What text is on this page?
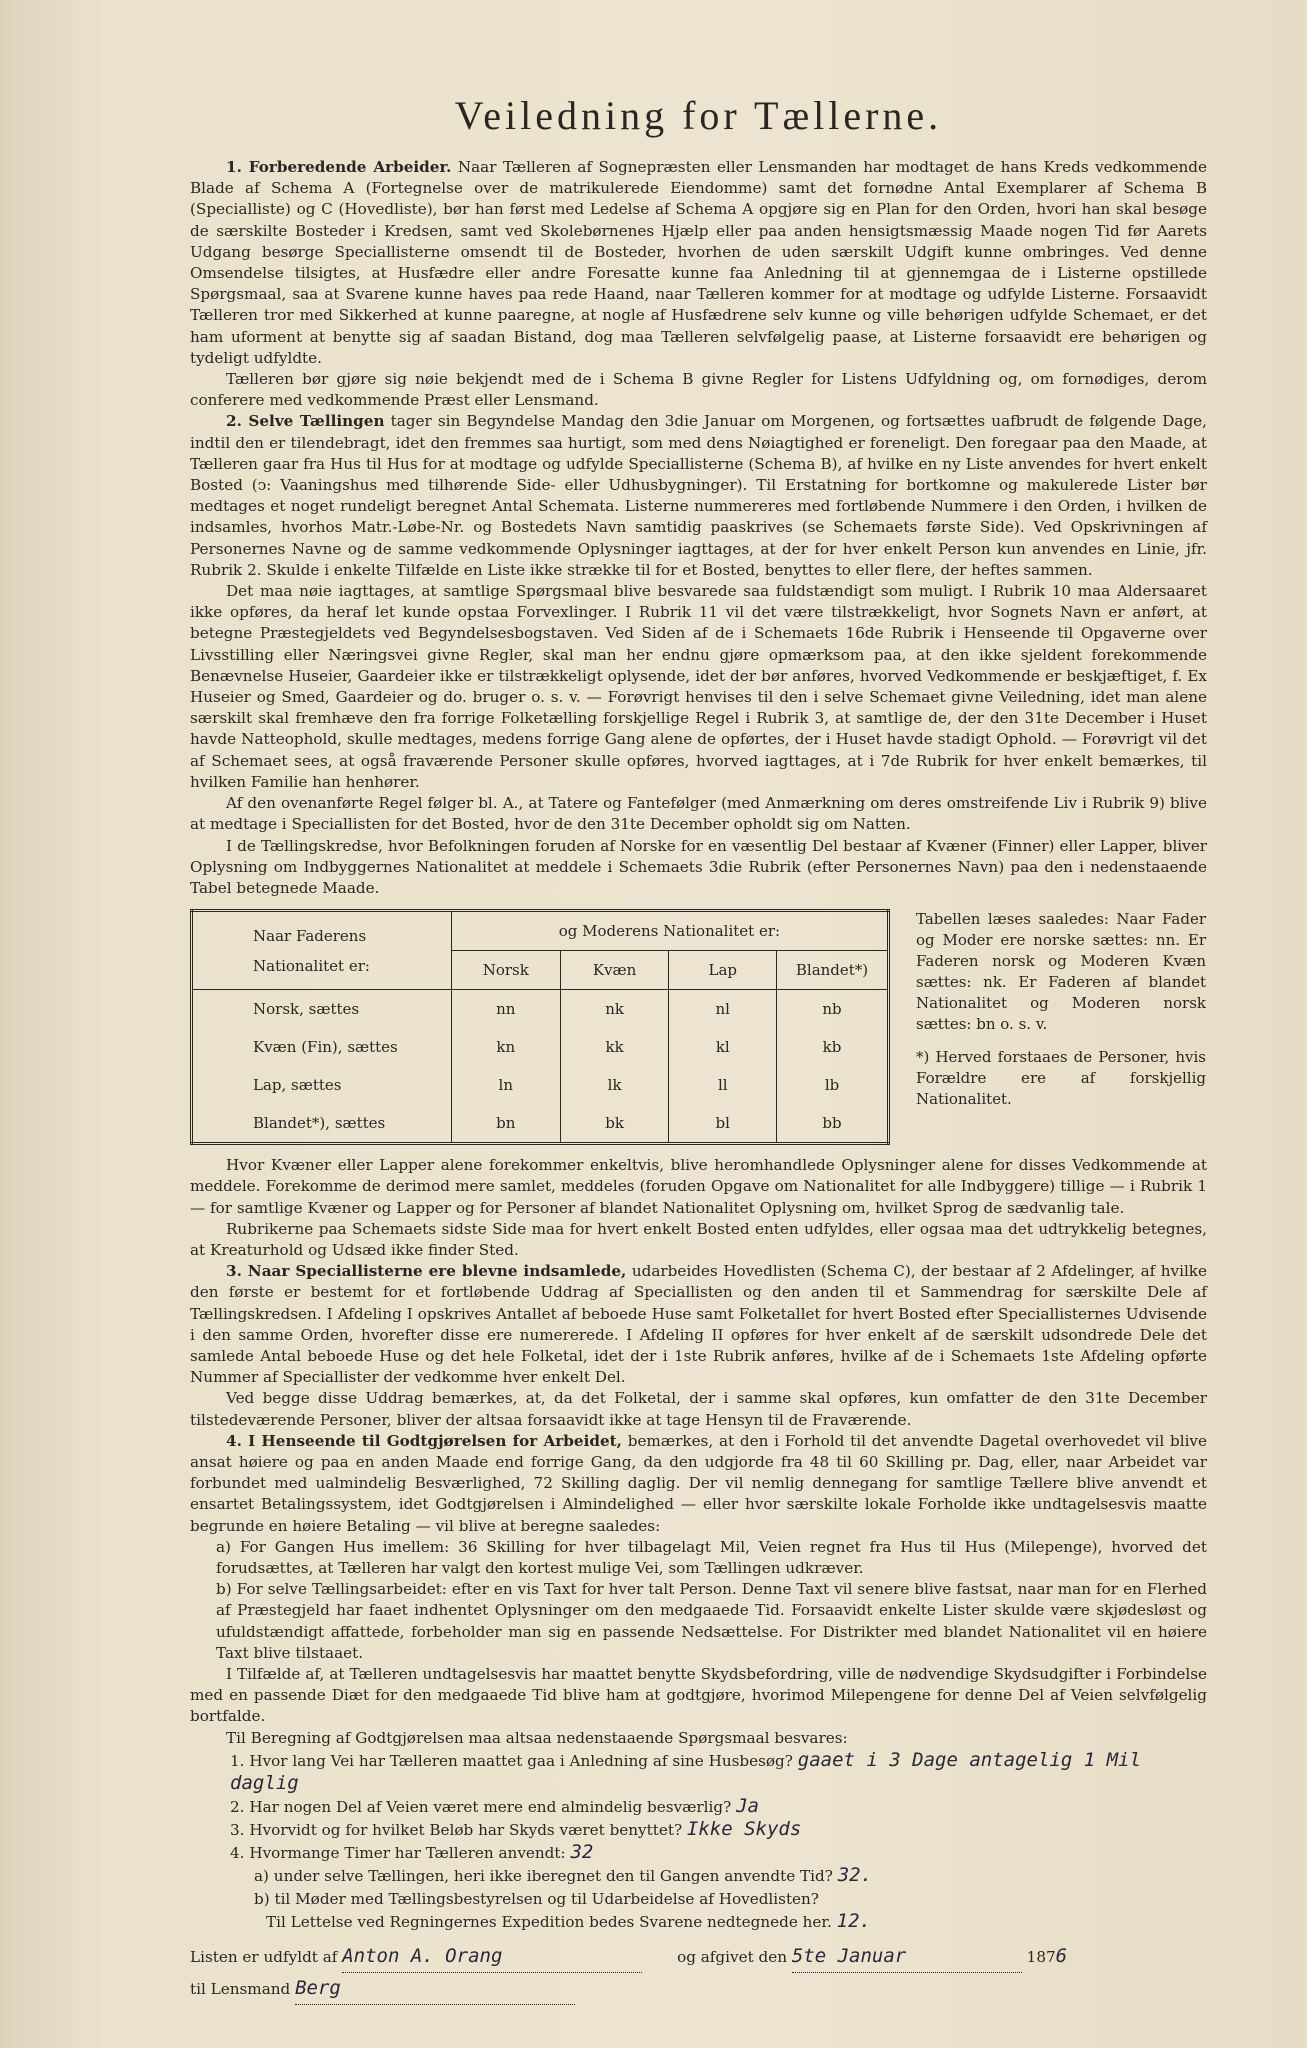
Veiledning for Tællerne.

1. Forberedende Arbeider. Naar Tælleren af Sognepræsten eller Lensmanden har modtaget de hans Kreds vedkommende Blade af Schema A (Fortegnelse over de matrikulerede Eiendomme) samt det fornødne Antal Exemplarer af Schema B (Specialliste) og C (Hovedliste), bør han først med Ledelse af Schema A opgjøre sig en Plan for den Orden, hvori han skal besøge de særskilte Bosteder i Kredsen, samt ved Skolebørnenes Hjælp eller paa anden hensigtsmæssig Maade nogen Tid før Aarets Udgang besørge Speciallisterne omsendt til de Bosteder, hvorhen de uden særskilt Udgift kunne ombringes. Ved denne Omsendelse tilsigtes, at Husfædre eller andre Foresatte kunne faa Anledning til at gjennemgaa de i Listerne opstillede Spørgsmaal, saa at Svarene kunne haves paa rede Haand, naar Tælleren kommer for at modtage og udfylde Listerne. Forsaavidt Tælleren tror med Sikkerhed at kunne paaregne, at nogle af Husfædrene selv kunne og ville behørigen udfylde Schemaet, er det ham uforment at benytte sig af saadan Bistand, dog maa Tælleren selvfølgelig paase, at Listerne forsaavidt ere behørigen og tydeligt udfyldte.

Tælleren bør gjøre sig nøie bekjendt med de i Schema B givne Regler for Listens Udfyldning og, om fornødiges, derom conferere med vedkommende Præst eller Lensmand.

2. Selve Tællingen tager sin Begyndelse Mandag den 3die Januar om Morgenen, og fortsættes uafbrudt de følgende Dage, indtil den er tilendebragt, idet den fremmes saa hurtigt, som med dens Nøiagtighed er foreneligt. Den foregaar paa den Maade, at Tælleren gaar fra Hus til Hus for at modtage og udfylde Speciallisterne (Schema B), af hvilke en ny Liste anvendes for hvert enkelt Bosted (ↄ: Vaaningshus med tilhørende Side- eller Udhusbygninger). Til Erstatning for bortkomne og makulerede Lister bør medtages et noget rundeligt beregnet Antal Schemata. Listerne nummereres med fortløbende Nummere i den Orden, i hvilken de indsamles, hvorhos Matr.-Løbe-Nr. og Bostedets Navn samtidig paaskrives (se Schemaets første Side). Ved Opskrivningen af Personernes Navne og de samme vedkommende Oplysninger iagttages, at der for hver enkelt Person kun anvendes en Linie, jfr. Rubrik 2. Skulde i enkelte Tilfælde en Liste ikke strække til for et Bosted, benyttes to eller flere, der heftes sammen.

Det maa nøie iagttages, at samtlige Spørgsmaal blive besvarede saa fuldstændigt som muligt. I Rubrik 10 maa Aldersaaret ikke opføres, da heraf let kunde opstaa Forvexlinger. I Rubrik 11 vil det være tilstrækkeligt, hvor Sognets Navn er anført, at betegne Præstegjeldets ved Begyndelsesbogstaven. Ved Siden af de i Schemaets 16de Rubrik i Henseende til Opgaverne over Livsstilling eller Næringsvei givne Regler, skal man her endnu gjøre opmærksom paa, at den ikke sjeldent forekommende Benævnelse Huseier, Gaardeier ikke er tilstrækkeligt oplysende, idet der bør anføres, hvorved Vedkommende er beskjæftiget, f. Ex Huseier og Smed, Gaardeier og do. bruger o. s. v. — Forøvrigt henvises til den i selve Schemaet givne Veiledning, idet man alene særskilt skal fremhæve den fra forrige Folketælling forskjellige Regel i Rubrik 3, at samtlige de, der den 31te December i Huset havde Natteophold, skulle medtages, medens forrige Gang alene de opførtes, der i Huset havde stadigt Ophold. — Forøvrigt vil det af Schemaet sees, at også fraværende Personer skulle opføres, hvorved iagttages, at i 7de Rubrik for hver enkelt bemærkes, til hvilken Familie han henhører.

Af den ovenanførte Regel følger bl. A., at Tatere og Fantefølger (med Anmærkning om deres omstreifende Liv i Rubrik 9) blive at medtage i Speciallisten for det Bosted, hvor de den 31te December opholdt sig om Natten.

I de Tællingskredse, hvor Befolkningen foruden af Norske for en væsentlig Del bestaar af Kvæner (Finner) eller Lapper, bliver Oplysning om Indbyggernes Nationalitet at meddele i Schemaets 3die Rubrik (efter Personernes Navn) paa den i nedenstaaende Tabel betegnede Maade.

Naar Faderens
Nationalitet er:	og Moderens Nationalitet er:			
	Norsk	Kvæn	Lap	Blandet*)
Norsk, sættes	nn	nk	nl	nb
Kvæn (Fin), sættes	kn	kk	kl	kb
Lap, sættes	ln	lk	ll	lb
Blandet*), sættes	bn	bk	bl	bb

Tabellen læses saaledes: Naar Fader og Moder ere norske sættes: nn. Er Faderen norsk og Moderen Kvæn sættes: nk. Er Faderen af blandet Nationalitet og Moderen norsk sættes: bn o. s. v.

*) Herved forstaaes de Personer, hvis Forældre ere af forskjellig Nationalitet.

Hvor Kvæner eller Lapper alene forekommer enkeltvis, blive heromhandlede Oplysninger alene for disses Vedkommende at meddele. Forekomme de derimod mere samlet, meddeles (foruden Opgave om Nationalitet for alle Indbyggere) tillige — i Rubrik 1 — for samtlige Kvæner og Lapper og for Personer af blandet Nationalitet Oplysning om, hvilket Sprog de sædvanlig tale.

Rubrikerne paa Schemaets sidste Side maa for hvert enkelt Bosted enten udfyldes, eller ogsaa maa det udtrykkelig betegnes, at Kreaturhold og Udsæd ikke finder Sted.

3. Naar Speciallisterne ere blevne indsamlede, udarbeides Hovedlisten (Schema C), der bestaar af 2 Afdelinger, af hvilke den første er bestemt for et fortløbende Uddrag af Speciallisten og den anden til et Sammendrag for særskilte Dele af Tællingskredsen. I Afdeling I opskrives Antallet af beboede Huse samt Folketallet for hvert Bosted efter Speciallisternes Udvisende i den samme Orden, hvorefter disse ere numererede. I Afdeling II opføres for hver enkelt af de særskilt udsondrede Dele det samlede Antal beboede Huse og det hele Folketal, idet der i 1ste Rubrik anføres, hvilke af de i Schemaets 1ste Afdeling opførte Nummer af Speciallister der vedkomme hver enkelt Del.

Ved begge disse Uddrag bemærkes, at, da det Folketal, der i samme skal opføres, kun omfatter de den 31te December tilstedeværende Personer, bliver der altsaa forsaavidt ikke at tage Hensyn til de Fraværende.

4. I Henseende til Godtgjørelsen for Arbeidet, bemærkes, at den i Forhold til det anvendte Dagetal overhovedet vil blive ansat høiere og paa en anden Maade end forrige Gang, da den udgjorde fra 48 til 60 Skilling pr. Dag, eller, naar Arbeidet var forbundet med ualmindelig Besværlighed, 72 Skilling daglig. Der vil nemlig dennegang for samtlige Tællere blive anvendt et ensartet Betalingssystem, idet Godtgjørelsen i Almindelighed — eller hvor særskilte lokale Forholde ikke undtagelsesvis maatte begrunde en høiere Betaling — vil blive at beregne saaledes:

a) For Gangen Hus imellem: 36 Skilling for hver tilbagelagt Mil, Veien regnet fra Hus til Hus (Milepenge), hvorved det forudsættes, at Tælleren har valgt den kortest mulige Vei, som Tællingen udkræver.

b) For selve Tællingsarbeidet: efter en vis Taxt for hver talt Person. Denne Taxt vil senere blive fastsat, naar man for en Flerhed af Præstegjeld har faaet indhentet Oplysninger om den medgaaede Tid. Forsaavidt enkelte Lister skulde være skjødesløst og ufuldstændigt affattede, forbeholder man sig en passende Nedsættelse. For Distrikter med blandet Nationalitet vil en høiere Taxt blive tilstaaet.

I Tilfælde af, at Tælleren undtagelsesvis har maattet benytte Skydsbefordring, ville de nødvendige Skydsudgifter i Forbindelse med en passende Diæt for den medgaaede Tid blive ham at godtgjøre, hvorimod Milepengene for denne Del af Veien selvfølgelig bortfalde.

Til Beregning af Godtgjørelsen maa altsaa nedenstaaende Spørgsmaal besvares:

1. Hvor lang Vei har Tælleren maattet gaa i Anledning af sine Husbesøg? gaaet i 3 Dage antagelig 1 Mil daglig

2. Har nogen Del af Veien været mere end almindelig besværlig? Ja

3. Hvorvidt og for hvilket Beløb har Skyds været benyttet? Ikke Skyds

4. Hvormange Timer har Tælleren anvendt: 32

a) under selve Tællingen, heri ikke iberegnet den til Gangen anvendte Tid? 32.

b) til Møder med Tællingsbestyrelsen og til Udarbeidelse af Hovedlisten?

Til Lettelse ved Regningernes Expedition bedes Svarene nedtegnede her. 12.

Listen er udfyldt af Anton A. Orang	og afgivet den 5te Januar	1876

til Lensmand Berg
